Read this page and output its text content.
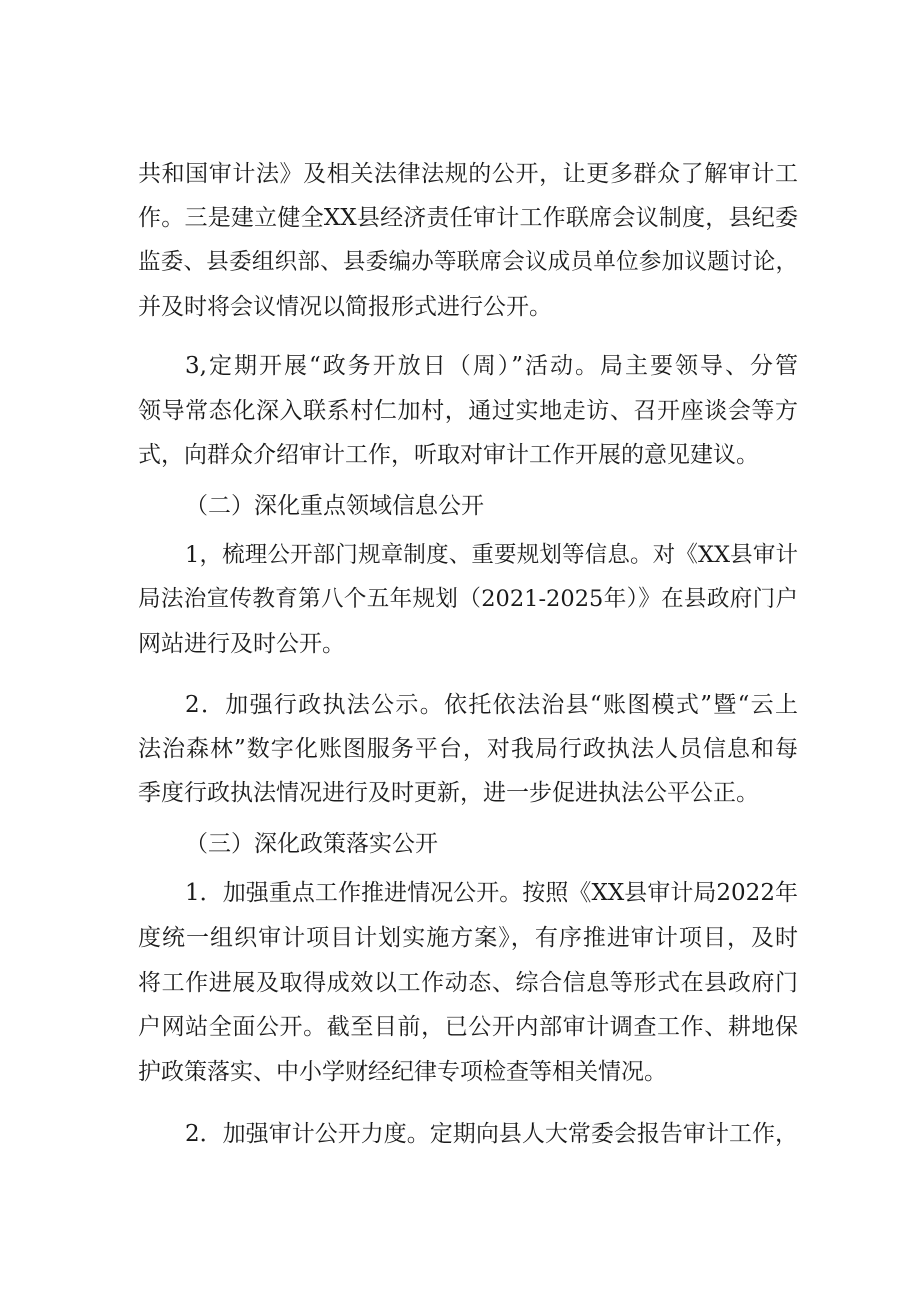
共和国审计法》及相关法律法规的公开，让更多群众了解审计工
作。三是建立健全XX县经济责任审计工作联席会议制度，县纪委
监委、县委组织部、县委编办等联席会议成员单位参加议题讨论，
并及时将会议情况以简报形式进行公开。
3,定期开展“政务开放日（周）”活动。局主要领导、分管
领导常态化深入联系村仁加村，通过实地走访、召开座谈会等方
式，向群众介绍审计工作，听取对审计工作开展的意见建议。
（二）深化重点领域信息公开
1，梳理公开部门规章制度、重要规划等信息。对《XX县审计
局法治宣传教育第八个五年规划（2021-2025年）》在县政府门户
网站进行及时公开。
2．加强行政执法公示。依托依法治县“账图模式”暨“云上
法治森林”数字化账图服务平台，对我局行政执法人员信息和每
季度行政执法情况进行及时更新，进一步促进执法公平公正。
（三）深化政策落实公开
1．加强重点工作推进情况公开。按照《XX县审计局2022年
度统一组织审计项目计划实施方案》，有序推进审计项目，及时
将工作进展及取得成效以工作动态、综合信息等形式在县政府门
户网站全面公开。截至目前，已公开内部审计调查工作、耕地保
护政策落实、中小学财经纪律专项检查等相关情况。
2．加强审计公开力度。定期向县人大常委会报告审计工作，
